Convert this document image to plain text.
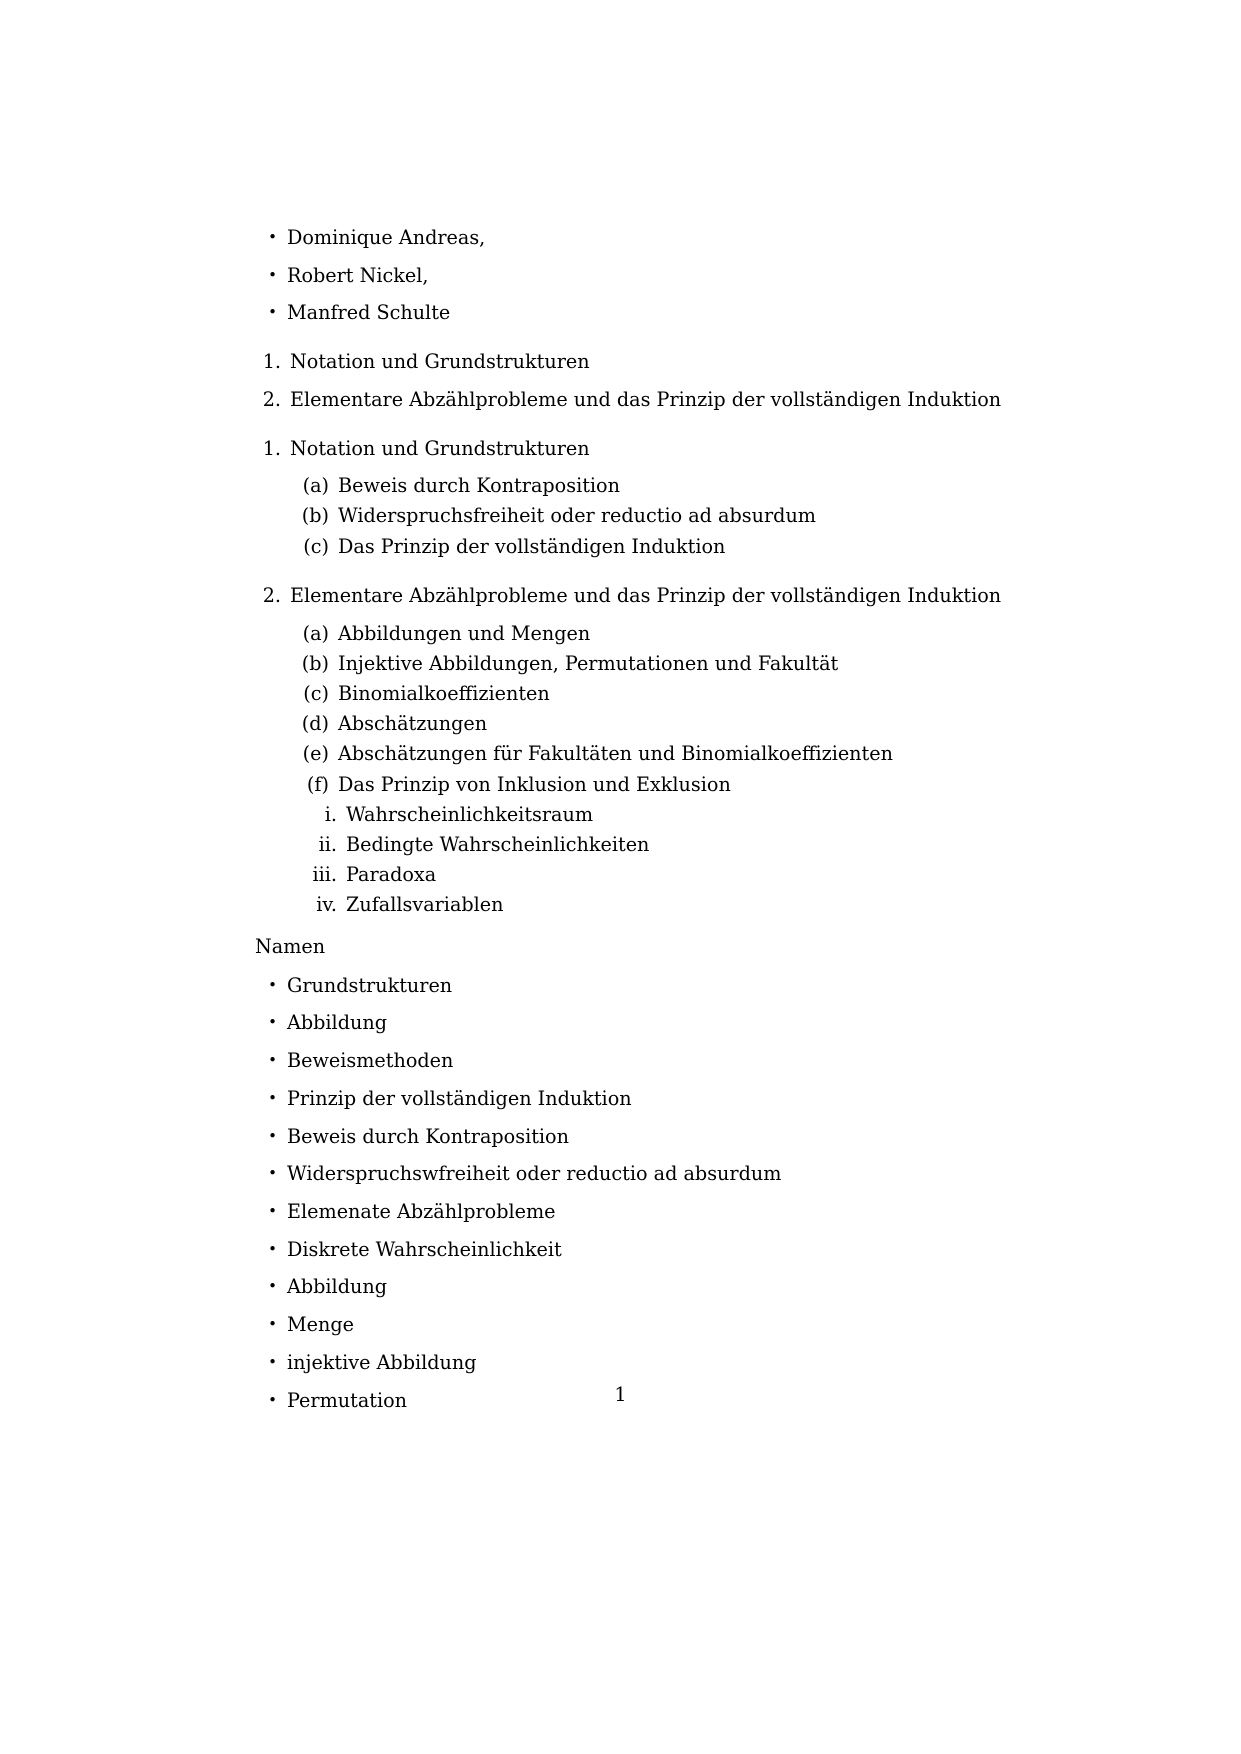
• Dominique Andreas,
• Robert Nickel,
• Manfred Schulte
1. Notation und Grundstrukturen
2. Elementare Abzählprobleme und das Prinzip der vollständigen Induktion
1. Notation und Grundstrukturen
(a) Beweis durch Kontraposition
(b) Widerspruchsfreiheit oder reductio ad absurdum
(c) Das Prinzip der vollständigen Induktion
2. Elementare Abzählprobleme und das Prinzip der vollständigen Induktion
(a) Abbildungen und Mengen
(b) Injektive Abbildungen, Permutationen und Fakultät
(c) Binomialkoeffizienten
(d) Abschätzungen
(e) Abschätzungen für Fakultäten und Binomialkoeffizienten
(f) Das Prinzip von Inklusion und Exklusion
i. Wahrscheinlichkeitsraum
ii. Bedingte Wahrscheinlichkeiten
iii. Paradoxa
iv. Zufallsvariablen

Namen

• Grundstrukturen
• Abbildung
• Beweismethoden
• Prinzip der vollständigen Induktion
• Beweis durch Kontraposition
• Widerspruchswfreiheit oder reductio ad absurdum
• Elemenate Abzählprobleme
• Diskrete Wahrscheinlichkeit
• Abbildung
• Menge
• injektive Abbildung
• Permutation	1
